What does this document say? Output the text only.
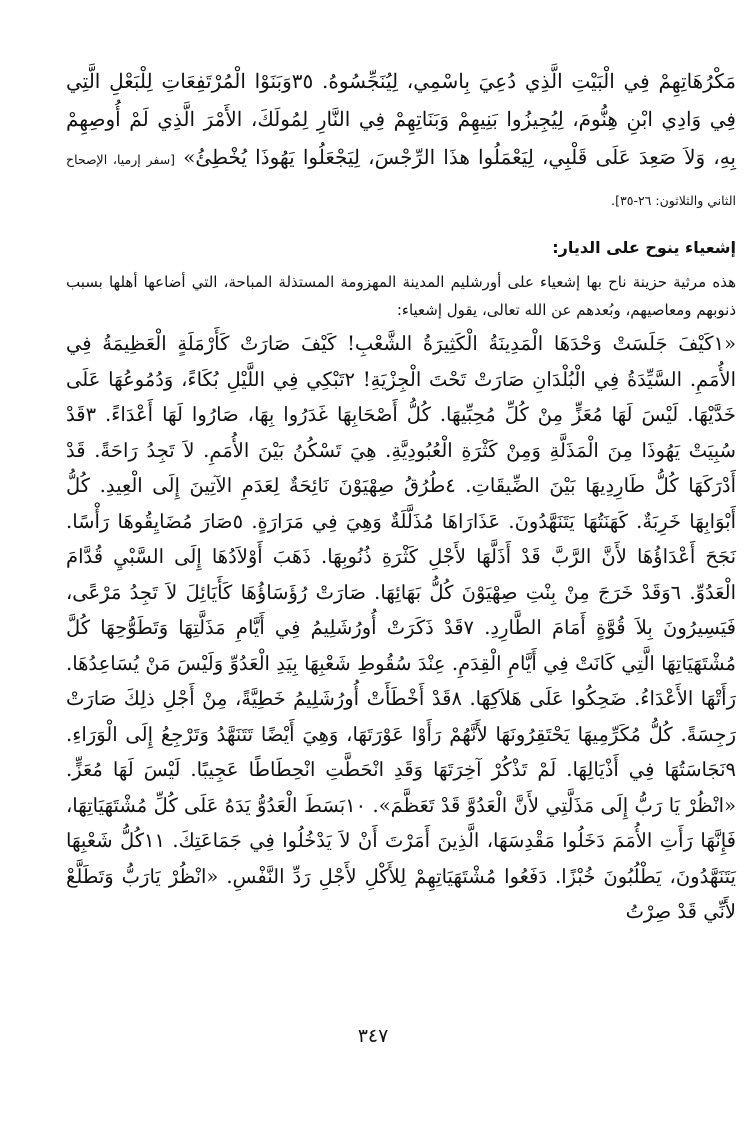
مَكْرُهَاتِهِمْ فِي الْبَيْتِ الَّذِي دُعِيَ بِاسْمِي، لِيُنَجِّسُوهُ. ٣٥وَبَنَوْا الْمُرْتَفِعَاتِ لِلْبَعْلِ الَّتِي فِي وَادِي ابْنِ هِنُّومَ، لِيُجِيزُوا بَنِيهِمْ وَبَنَاتِهِمْ فِي النَّارِ لِمُولَكَ، الأَمْرَ الَّذِي لَمْ أُوصِهِمْ بِهِ، وَلاَ صَعِدَ عَلَى قَلْبِي، لِيَعْمَلُوا هذَا الرِّجْسَ، لِيَجْعَلُوا يَهُوذَا يُخْطِئُ» [سفر إرميا، الإصحاح الثاني والثلاثون: ٢٦-٣٥].

إشعياء ينوح على الديار:

هذه مرثية حزينة ناح بها إشعياء على أورشليم المدينة المهزومة المستذلة المباحة، التي أضاعها أهلها بسبب ذنوبهم ومعاصيهم، وبُعدهم عن الله تعالى، يقول إشعياء:

«١كَيْفَ جَلَسَتْ وَحْدَهَا الْمَدِينَةُ الْكَثِيرَةُ الشَّعْبِ! كَيْفَ صَارَتْ كَأَرْمَلَةٍ الْعَظِيمَةُ فِي الأُمَمِ. السَّيِّدَةُ فِي الْبُلْدَانِ صَارَتْ تَحْتَ الْجِزْيَةِ! ٢تَبْكِي فِي اللَّيْلِ بُكَاءً، وَدُمُوعُهَا عَلَى خَدَّيْهَا. لَيْسَ لَهَا مُعَزٍّ مِنْ كُلِّ مُحِبِّيهَا. كُلُّ أَصْحَابِهَا غَدَرُوا بِهَا، صَارُوا لَهَا أَعْدَاءً. ٣قَدْ سُبِيَتْ يَهُوذَا مِنَ الْمَذَلَّةِ وَمِنْ كَثْرَةِ الْعُبُودِيَّةِ. هِيَ تَسْكُنُ بَيْنَ الأُمَمِ. لاَ تَجِدُ رَاحَةً. قَدْ أَدْرَكَهَا كُلُّ طَارِدِيهَا بَيْنَ الضِّيقَاتِ. ٤طُرُقُ صِهْيَوْنَ نَائِحَةٌ لِعَدَمِ الآتِينَ إِلَى الْعِيدِ. كُلُّ أَبْوَابِهَا خَرِبَةٌ. كَهَنَتُهَا يَتَنَهَّدُونَ. عَذَارَاهَا مُذَلَّلَةٌ وَهِيَ فِي مَرَارَةٍ. ٥صَارَ مُضَايِقُوهَا رَأْسًا. نَجَحَ أَعْدَاؤُهَا لأَنَّ الرَّبَّ قَدْ أَذَلَّهَا لأَجْلِ كَثْرَةِ ذُنُوبِهَا. ذَهَبَ أَوْلاَدُهَا إِلَى السَّبْيِ قُدَّامَ الْعَدُوِّ. ٦وَقَدْ خَرَجَ مِنْ بِنْتِ صِهْيَوْنَ كُلُّ بَهَائِهَا. صَارَتْ رُؤَسَاؤُهَا كَأَيَائِلَ لاَ تَجِدُ مَرْعًى، فَيَسِيرُونَ بِلاَ قُوَّةٍ أَمَامَ الطَّارِدِ. ٧قَدْ ذَكَرَتْ أُورُشَلِيمُ فِي أَيَّامِ مَذَلَّتِهَا وَتَطَوُّحِهَا كُلَّ مُشْتَهَيَاتِهَا الَّتِي كَانَتْ فِي أَيَّامِ الْقِدَمِ. عِنْدَ سُقُوطِ شَعْبِهَا بِيَدِ الْعَدُوِّ وَلَيْسَ مَنْ يُسَاعِدُهَا. رَأَتْهَا الأَعْدَاءُ. ضَحِكُوا عَلَى هَلاَكِهَا. ٨قَدْ أَخْطَأَتْ أُورُشَلِيمُ خَطِيَّةً، مِنْ أَجْلِ ذلِكَ صَارَتْ رَجِسَةً. كُلُّ مُكَرِّمِيهَا يَحْتَقِرُونَهَا لأَنَّهُمْ رَأَوْا عَوْرَتَهَا، وَهِيَ أَيْضًا تَتَنَهَّدُ وَتَرْجِعُ إِلَى الْوَرَاءِ. ٩نَجَاسَتُهَا فِي أَذْيَالِهَا. لَمْ تَذْكُرْ آخِرَتَهَا وَقَدِ انْحَطَّتِ انْحِطَاطًا عَجِيبًا. لَيْسَ لَهَا مُعَزٍّ. «انْظُرْ يَا رَبُّ إِلَى مَذَلَّتِي لأَنَّ الْعَدُوَّ قَدْ تَعَظَّمَ». ١٠بَسَطَ الْعَدُوُّ يَدَهُ عَلَى كُلِّ مُشْتَهَيَاتِهَا، فَإِنَّهَا رَأَتِ الأُمَمَ دَخَلُوا مَقْدِسَهَا، الَّذِينَ أَمَرْتَ أَنْ لاَ يَدْخُلُوا فِي جَمَاعَتِكَ. ١١كُلُّ شَعْبِهَا يَتَنَهَّدُونَ، يَطْلُبُونَ خُبْزًا. دَفَعُوا مُشْتَهَيَاتِهِمْ لِلأَكْلِ لأَجْلِ رَدِّ النَّفْسِ. «انْظُرْ يَارَبُّ وَتَطَلَّعْ لأَنِّي قَدْ صِرْتُ

٣٤٧
